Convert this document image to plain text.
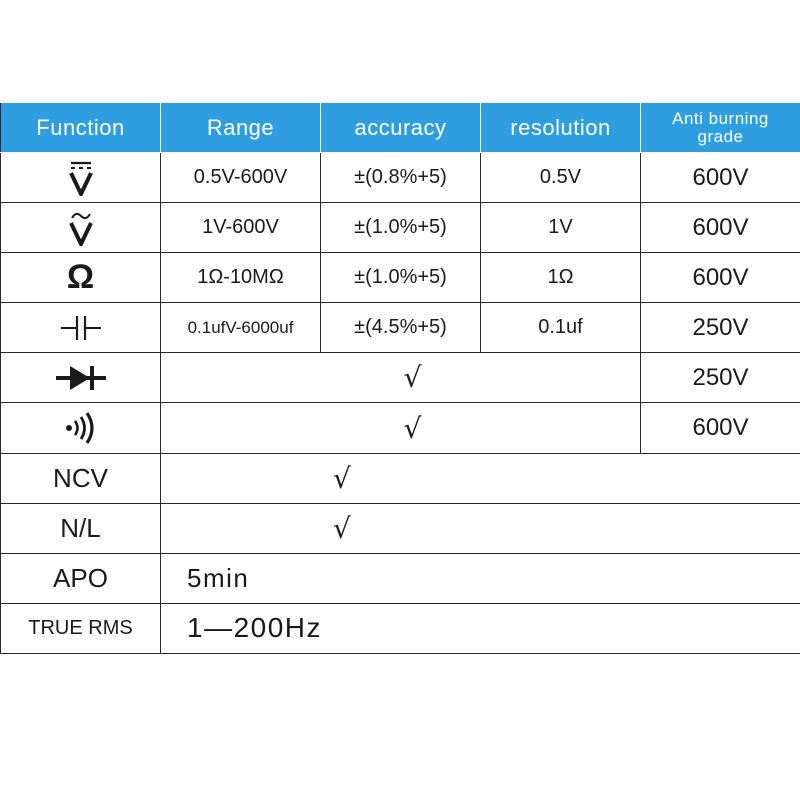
Function	Range	accuracy	resolution	Anti burning
grade

	0.5V-600V	±(0.8%+5)	0.5V	600V

	1V-600V	±(1.0%+5)	1V	600V
Ω	1Ω-10MΩ	±(1.0%+5)	1Ω	600V

	0.1ufV-6000uf	±(4.5%+5)	0.1uf	250V

	√			250V

	√			600V
NCV	√			
N/L	√			
APO	5min			
TRUE RMS	1—200Hz			
